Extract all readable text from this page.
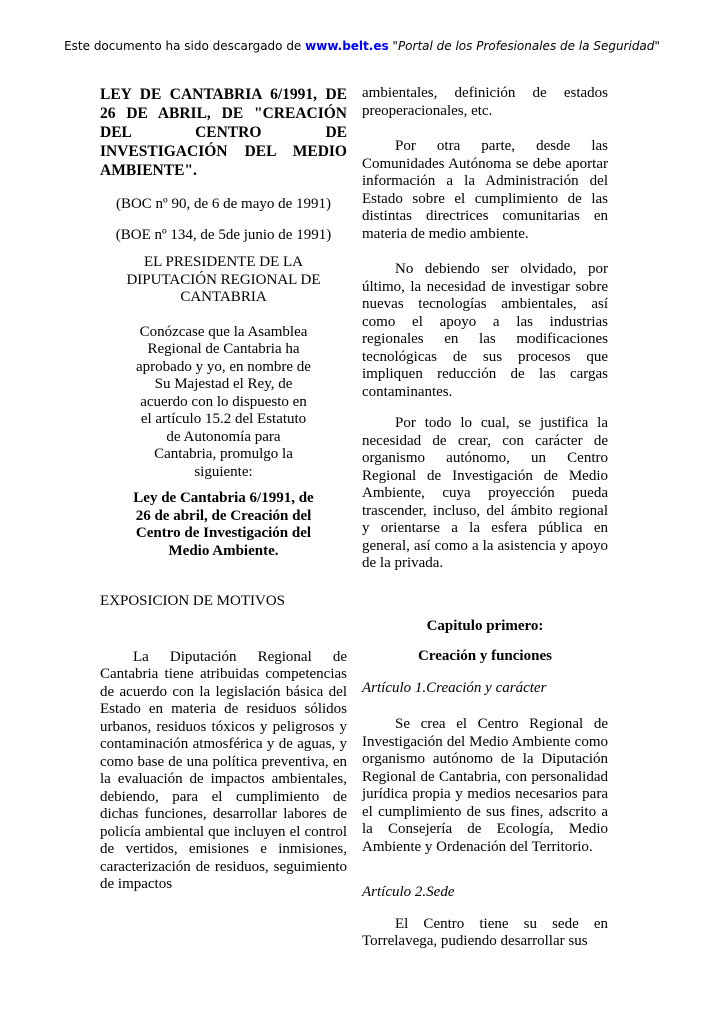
Este documento ha sido descargado de www.belt.es "Portal de los Profesionales de la Seguridad"

LEY DE CANTABRIA 6/1991, DE 26 DE ABRIL, DE "CREACIÓN DEL CENTRO DE INVESTIGACIÓN DEL MEDIO AMBIENTE".

(BOC nº 90, de 6 de mayo de 1991)

(BOE nº 134, de 5de junio de 1991)

EL PRESIDENTE DE LA DIPUTACIÓN REGIONAL DE CANTABRIA

Conózcase que la Asamblea Regional de Cantabria ha aprobado y yo, en nombre de Su Majestad el Rey, de acuerdo con lo dispuesto en el artículo 15.2 del Estatuto de Autonomía para Cantabria, promulgo la siguiente:

Ley de Cantabria 6/1991, de 26 de abril, de Creación del Centro de Investigación del Medio Ambiente.

EXPOSICION DE MOTIVOS

La Diputación Regional de Cantabria tiene atribuidas competencias de acuerdo con la legislación básica del Estado en materia de residuos sólidos urbanos, residuos tóxicos y peligrosos y contaminación atmosférica y de aguas, y como base de una política preventiva, en la evaluación de impactos ambientales, debiendo, para el cumplimiento de dichas funciones, desarrollar labores de policía ambiental que incluyen el control de vertidos, emisiones e inmisiones, caracterización de residuos, seguimiento de impactos

ambientales, definición de estados preoperacionales, etc.

Por otra parte, desde las Comunidades Autónoma se debe aportar información a la Administración del Estado sobre el cumplimiento de las distintas directrices comunitarias en materia de medio ambiente.

No debiendo ser olvidado, por último, la necesidad de investigar sobre nuevas tecnologías ambientales, así como el apoyo a las industrias regionales en las modificaciones tecnológicas de sus procesos que impliquen reducción de las cargas contaminantes.

Por todo lo cual, se justifica la necesidad de crear, con carácter de organismo autónomo, un Centro Regional de Investigación de Medio Ambiente, cuya proyección pueda trascender, incluso, del ámbito regional y orientarse a la esfera pública en general, así como a la asistencia y apoyo de la privada.

Capitulo primero:

Creación y funciones

Artículo 1.Creación y carácter

Se crea el Centro Regional de Investigación del Medio Ambiente como organismo autónomo de la Diputación Regional de Cantabria, con personalidad jurídica propia y medios necesarios para el cumplimiento de sus fines, adscrito a la Consejería de Ecología, Medio Ambiente y Ordenación del Territorio.

Artículo 2.Sede

El Centro tiene su sede en Torrelavega, pudiendo desarrollar sus
